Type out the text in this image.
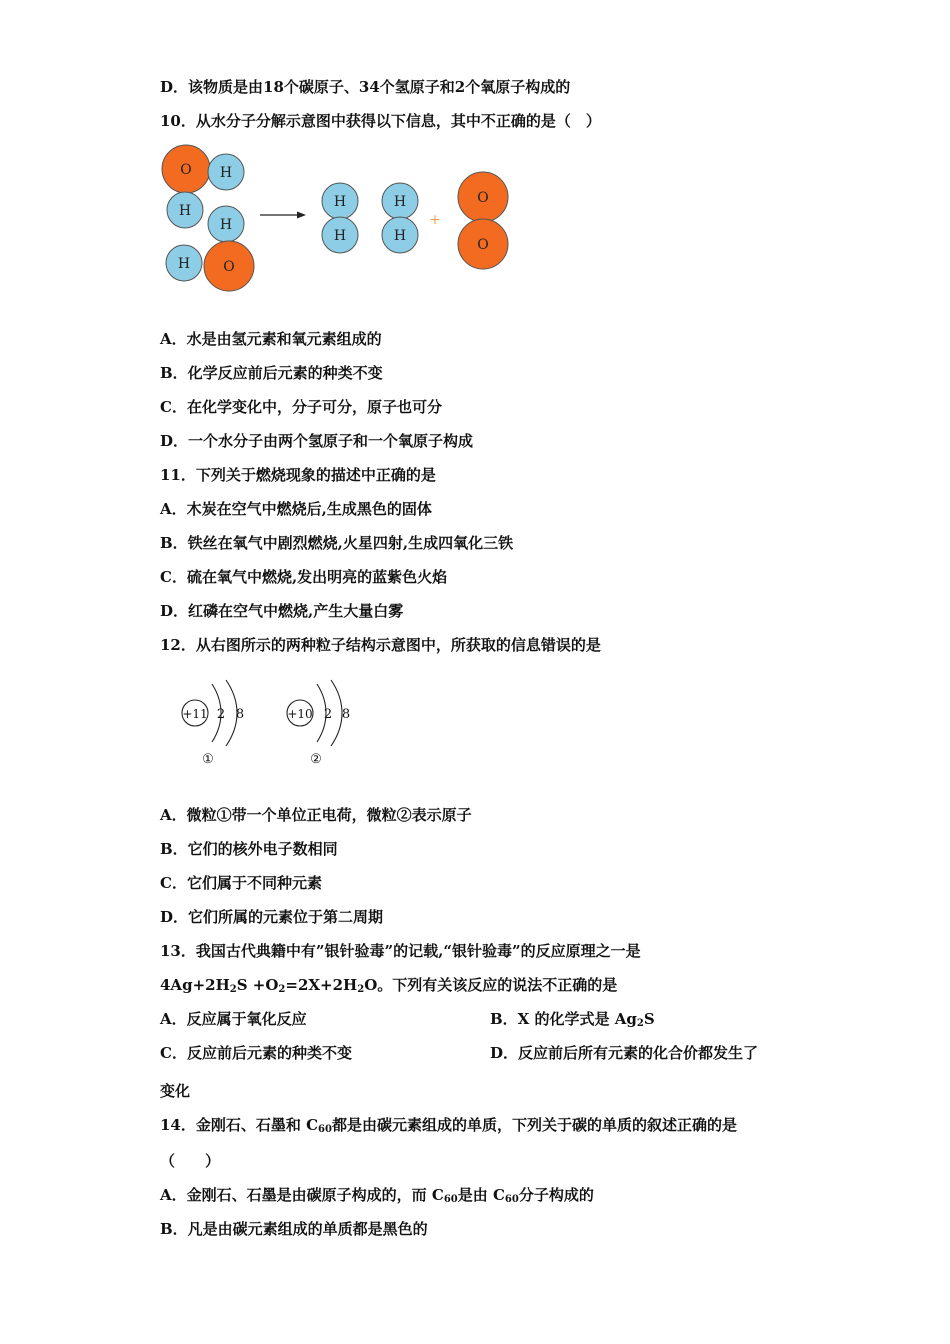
D．该物质是由18个碳原子、34个氢原子和2个氧原子构成的
10．从水分子分解示意图中获得以下信息，其中不正确的是（　）
O H
H
H
H O
H
H
H
H
O
O
+
A．水是由氢元素和氧元素组成的
B．化学反应前后元素的种类不变
C．在化学变化中，分子可分，原子也可分
D．一个水分子由两个氢原子和一个氧原子构成
11．下列关于燃烧现象的描述中正确的是
A．木炭在空气中燃烧后,生成黑色的固体
B．铁丝在氧气中剧烈燃烧,火星四射,生成四氧化三铁
C．硫在氧气中燃烧,发出明亮的蓝紫色火焰
D．红磷在空气中燃烧,产生大量白雾
12．从右图所示的两种粒子结构示意图中，所获取的信息错误的是
+11 2 8
①
+10 2 8
②
A．微粒①带一个单位正电荷，微粒②表示原子
B．它们的核外电子数相同
C．它们属于不同种元素
D．它们所属的元素位于第二周期
13．我国古代典籍中有”银针验毒”的记载,“银针验毒”的反应原理之一是
$4Ag+2H_2S +O_2=2X+2H_2O$。下列有关该反应的说法不正确的是
A．反应属于氧化反应	B．X 的化学式是 $Ag_2S$
C．反应前后元素的种类不变	D．反应前后所有元素的化合价都发生了
变化
14．金刚石、石墨和 $C_{60}$都是由碳元素组成的单质，下列关于碳的单质的叙述正确的是
（　　）
A．金刚石、石墨是由碳原子构成的，而 $C_{60}$是由 $C_{60}$分子构成的
B．凡是由碳元素组成的单质都是黑色的
